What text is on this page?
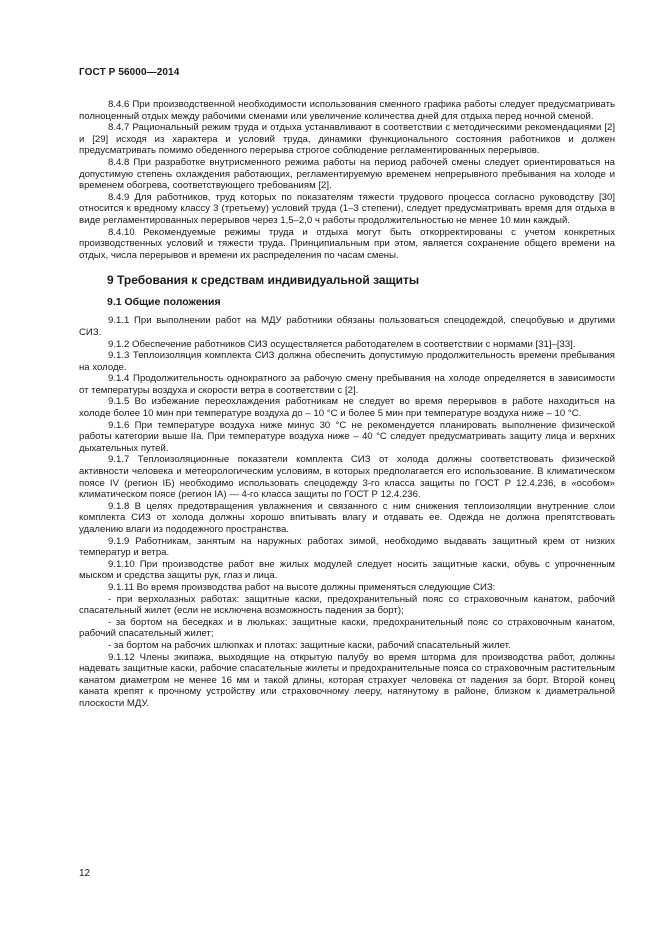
ГОСТ Р 56000—2014

8.4.6 При производственной необходимости использования сменного графика работы следует предусматривать полноценный отдых между рабочими сменами или увеличение количества дней для отдыха перед ночной сменой.

8.4.7 Рациональный режим труда и отдыха устанавливают в соответствии с методическими рекомендациями [2] и [29] исходя из характера и условий труда, динамики функционального состояния работников и должен предусматривать помимо обеденного перерыва строгое соблюдение регламентированных перерывов.

8.4.8 При разработке внутрисменного режима работы на период рабочей смены следует ориентироваться на допустимую степень охлаждения работающих, регламентируемую временем непрерывного пребывания на холоде и временем обогрева, соответствующего требованиям [2].

8.4.9 Для работников, труд которых по показателям тяжести трудового процесса согласно руководству [30] относится к вредному классу 3 (третьему) условий труда (1–3 степени), следует предусматривать время для отдыха в виде регламентированных перерывов через 1,5–2,0 ч работы продолжительностью не менее 10 мин каждый.

8.4.10 Рекомендуемые режимы труда и отдыха могут быть откорректированы с учетом конкретных производственных условий и тяжести труда. Принципиальным при этом, является сохранение общего времени на отдых, числа перерывов и времени их распределения по часам смены.

9 Требования к средствам индивидуальной защиты
9.1 Общие положения

9.1.1 При выполнении работ на МДУ работники обязаны пользоваться спецодеждой, спецобувью и другими СИЗ.

9.1.2 Обеспечение работников СИЗ осуществляется работодателем в соответствии с нормами [31]–[33].

9.1.3 Теплоизоляция комплекта СИЗ должна обеспечить допустимую продолжительность времени пребывания на холоде.

9.1.4 Продолжительность однократного за рабочую смену пребывания на холоде определяется в зависимости от температуры воздуха и скорости ветра в соответствии с [2].

9.1.5 Во избежание переохлаждения работникам не следует во время перерывов в работе находиться на холоде более 10 мин при температуре воздуха до – 10 °С и более 5 мин при температуре воздуха ниже – 10 °С.

9.1.6 При температуре воздуха ниже минус 30 °С не рекомендуется планировать выполнение физической работы категории выше IIа. При температуре воздуха ниже – 40 °С следует предусматривать защиту лица и верхних дыхательных путей.

9.1.7 Теплоизоляционные показатели комплекта СИЗ от холода должны соответствовать физической активности человека и метеорологическим условиям, в которых предполагается его использование. В климатическом поясе IV (регион IБ) необходимо использовать спецодежду 3-го класса защиты по ГОСТ Р 12.4.236, в «особом» климатическом поясе (регион IА) — 4-го класса защиты по ГОСТ Р 12.4.236.

9.1.8 В целях предотвращения увлажнения и связанного с ним снижения теплоизоляции внутренние слои комплекта СИЗ от холода должны хорошо впитывать влагу и отдавать ее. Одежда не должна препятствовать удалению влаги из пододежного пространства.

9.1.9 Работникам, занятым на наружных работах зимой, необходимо выдавать защитный крем от низких температур и ветра.

9.1.10 При производстве работ вне жилых модулей следует носить защитные каски, обувь с упрочненным мыском и средства защиты рук, глаз и лица.

9.1.11 Во время производства работ на высоте должны применяться следующие СИЗ:

- при верхолазных работах: защитные каски, предохранительный пояс со страховочным канатом, рабочий спасательный жилет (если не исключена возможность падения за борт);

- за бортом на беседках и в люльках: защитные каски, предохранительный пояс со страховочным канатом, рабочий спасательный жилет;

- за бортом на рабочих шлюпках и плотах: защитные каски, рабочий спасательный жилет.

9.1.12 Члены экипажа, выходящие на открытую палубу во время шторма для производства работ, должны надевать защитные каски, рабочие спасательные жилеты и предохранительные пояса со страховочным растительным канатом диаметром не менее 16 мм и такой длины, которая страхует человека от падения за борт. Второй конец каната крепят к прочному устройству или страховочному лееру, натянутому в районе, близком к диаметральной плоскости МДУ.

12
